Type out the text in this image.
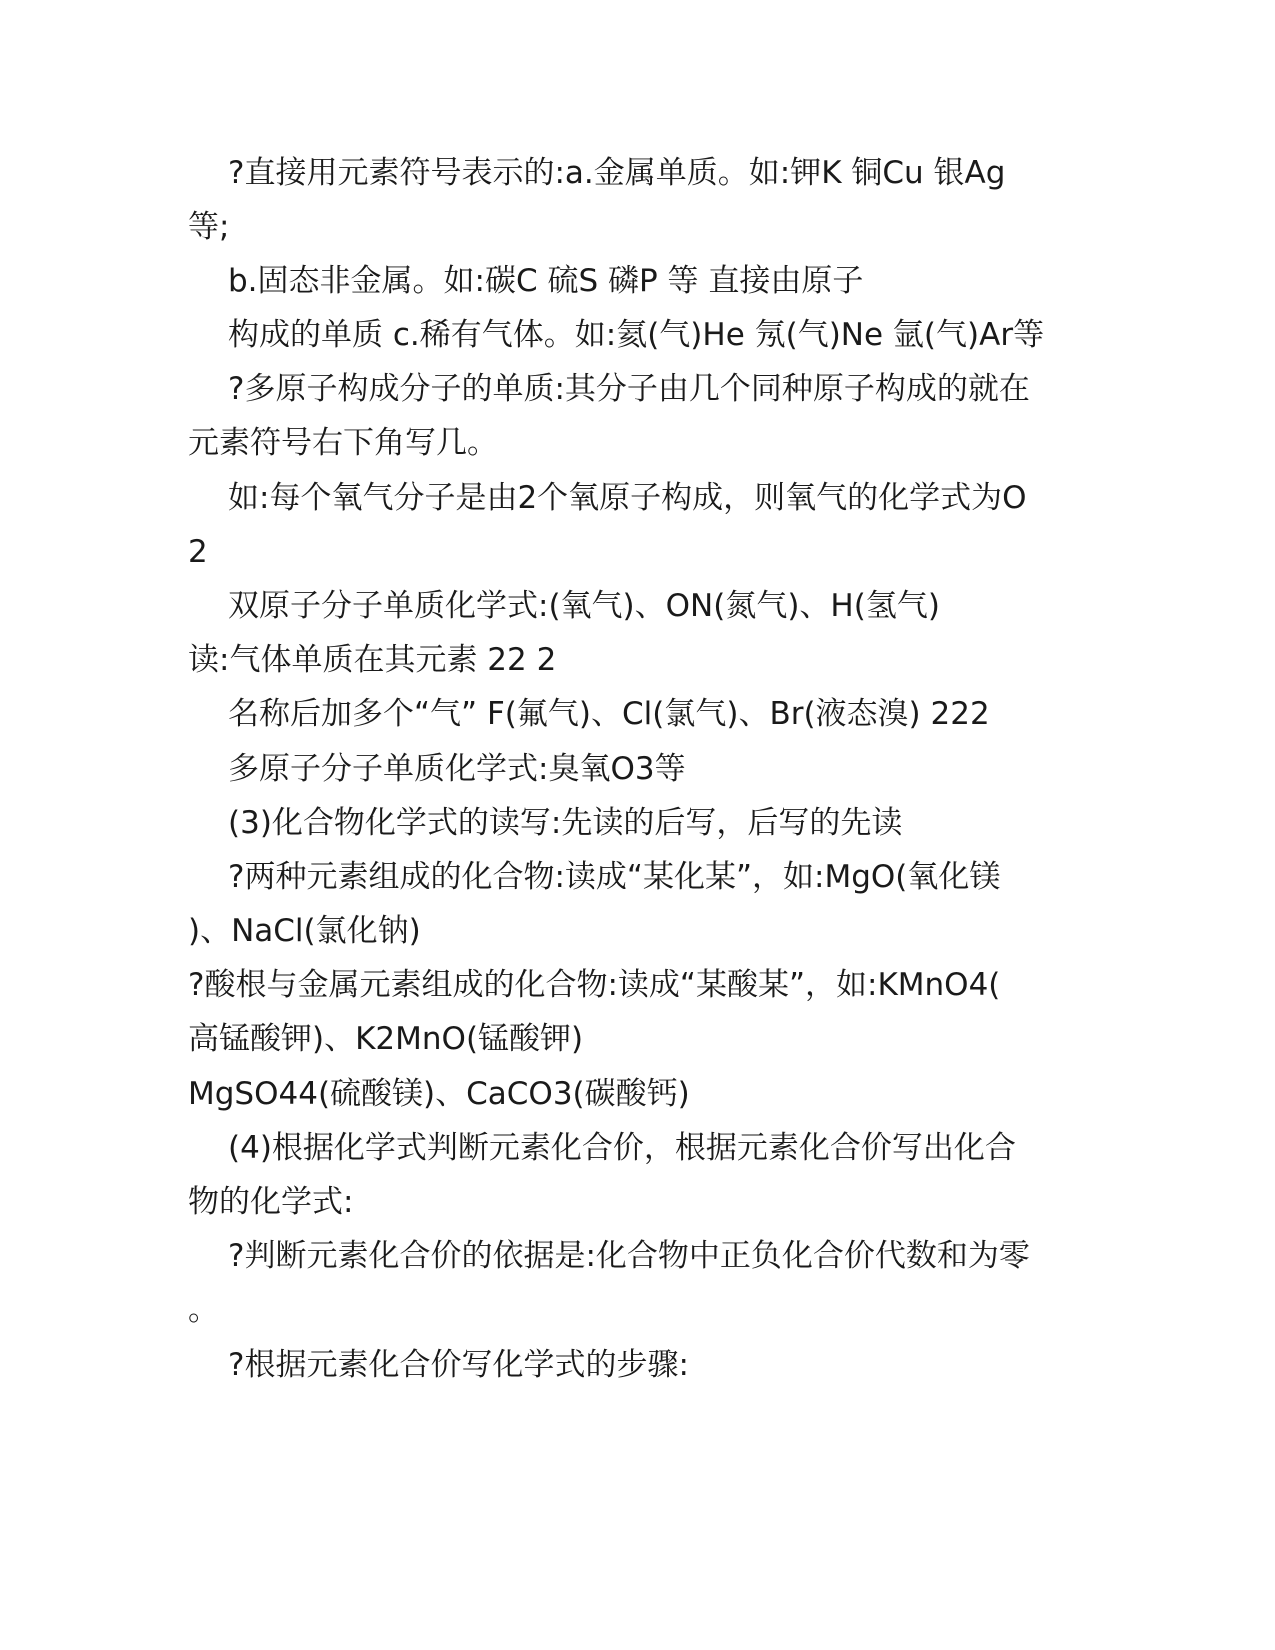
?直接用元素符号表示的:a.金属单质。如:钾K 铜Cu 银Ag
等;
b.固态非金属。如:碳C 硫S 磷P 等 直接由原子
构成的单质 c.稀有气体。如:氦(气)He 氖(气)Ne 氩(气)Ar等
?多原子构成分子的单质:其分子由几个同种原子构成的就在
元素符号右下角写几。
如:每个氧气分子是由2个氧原子构成，则氧气的化学式为O
2
双原子分子单质化学式:(氧气)、ON(氮气)、H(氢气)
读:气体单质在其元素 22 2
名称后加多个“气” F(氟气)、Cl(氯气)、Br(液态溴) 222
多原子分子单质化学式:臭氧O3等
(3)化合物化学式的读写:先读的后写，后写的先读
?两种元素组成的化合物:读成“某化某”，如:MgO(氧化镁
)、NaCl(氯化钠)
?酸根与金属元素组成的化合物:读成“某酸某”，如:KMnO4(
高锰酸钾)、K2MnO(锰酸钾)
MgSO44(硫酸镁)、CaCO3(碳酸钙)
(4)根据化学式判断元素化合价，根据元素化合价写出化合
物的化学式:
?判断元素化合价的依据是:化合物中正负化合价代数和为零
。
?根据元素化合价写化学式的步骤:
